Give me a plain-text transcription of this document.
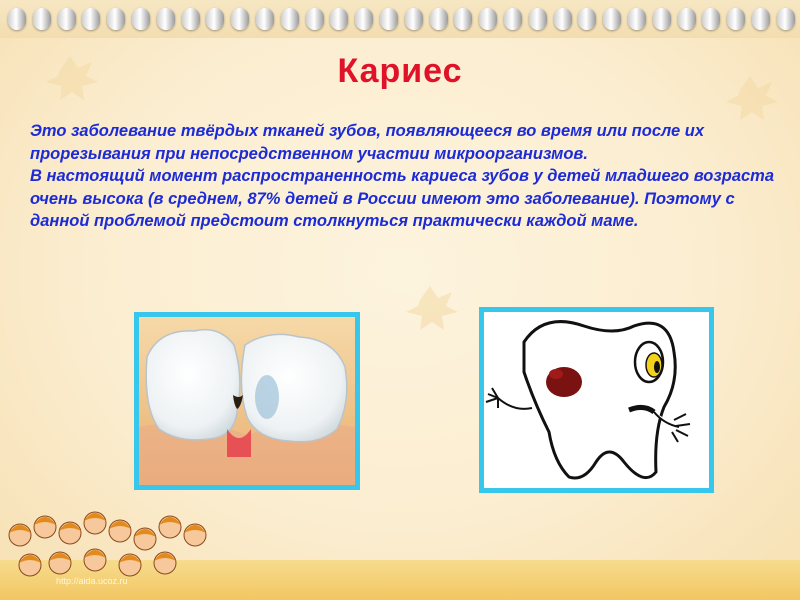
Кариес

Это заболевание твёрдых тканей зубов, появляющееся во время или после их прорезывания при непосредственном участии микроорганизмов.

В настоящий момент распространенность кариеса зубов у детей младшего возраста очень высока (в среднем, 87% детей в России имеют это заболевание). Поэтому с данной проблемой предстоит столкнуться практически каждой маме.

http://aida.ucoz.ru
